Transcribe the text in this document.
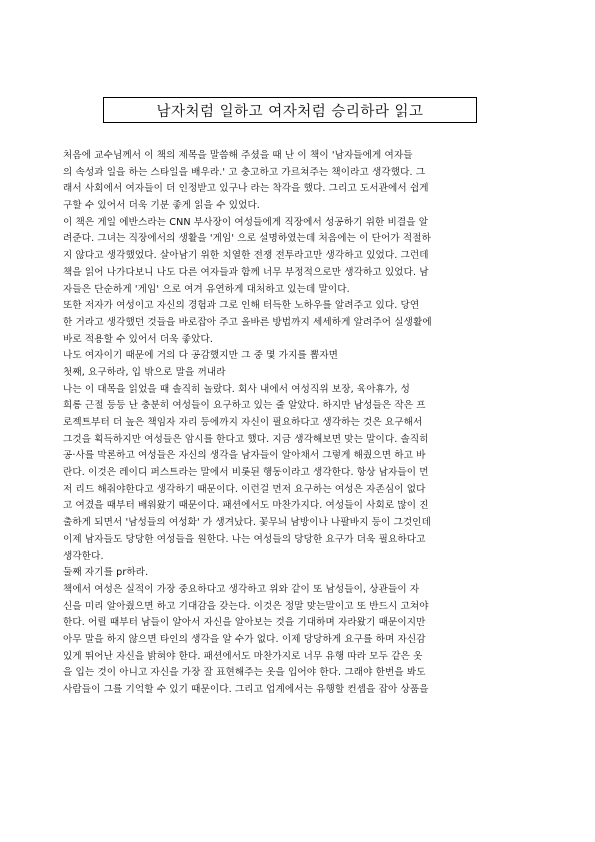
남자처럼 일하고 여자처럼 승리하라 읽고
처음에 교수님께서 이 책의 제목을 말씀해 주셨을 때 난 이 책이 '남자들에게 여자들
의 속성과 일을 하는 스타일을 배우라.' 고 충고하고 가르쳐주는 책이라고 생각했다. 그
래서 사회에서 여자들이 더 인정받고 있구나 라는 착각을 했다. 그리고 도서관에서 쉽게
구할 수 있어서 더욱 기분 좋게 읽을 수 있었다.
이 책은 게일 에반스라는 CNN 부사장이 여성들에게 직장에서 성공하기 위한 비결을 알
려준다. 그녀는 직장에서의 생활을 '게임' 으로 설명하였는데 처음에는 이 단어가 적절하
지 않다고 생각했었다. 살아남기 위한 치열한 전쟁 전투라고만 생각하고 있었다. 그런데
책을 읽어 나가다보니 나도 다른 여자들과 함께 너무 부정적으로만 생각하고 있었다. 남
자들은 단순하게 '게임' 으로 여겨 유연하게 대처하고 있는데 말이다.
또한 저자가 여성이고 자신의 경험과 그로 인해 터득한 노하우를 알려주고 있다. 당연
한 거라고 생각했던 것들을 바로잡아 주고 올바른 방법까지 세세하게 알려주어 실생활에
바로 적용할 수 있어서 더욱 좋았다.
나도 여자이기 때문에 거의 다 공감했지만 그 중 몇 가지를 뽑자면
첫째, 요구하라, 입 밖으로 말을 꺼내라
나는 이 대목을 읽었을 때 솔직히 놀랐다. 회사 내에서 여성직위 보장, 육아휴가, 성
희롱 근절 등등 난 충분히 여성들이 요구하고 있는 줄 알았다. 하지만 남성들은 작은 프
로젝트부터 더 높은 책임자 자리 등에까지 자신이 필요하다고 생각하는 것은 요구해서
그것을 획득하지만 여성들은 암시를 한다고 했다. 지금 생각해보면 맞는 말이다. 솔직히
공·사를 막론하고 여성들은 자신의 생각을 남자들이 알아채서 그렇게 해줬으면 하고 바
란다. 이것은 레이디 퍼스트라는 말에서 비롯된 행동이라고 생각한다. 항상 남자들이 먼
저 리드 해줘야한다고 생각하기 때문이다. 이런걸 먼저 요구하는 여성은 자존심이 없다
고 여겼을 때부터 배워왔기 때문이다. 패션에서도 마찬가지다. 여성들이 사회로 많이 진
출하게 되면서 '남성들의 여성화' 가 생겨났다. 꽃무늬 남방이나 나팔바지 등이 그것인데
이제 남자들도 당당한 여성들을 원한다. 나는 여성들의 당당한 요구가 더욱 필요하다고
생각한다.
둘째 자기를 pr하라.
책에서 여성은 실적이 가장 중요하다고 생각하고 위와 같이 또 남성들이, 상관들이 자
신을 미리 알아줬으면 하고 기대감을 갖는다. 이것은 정말 맞는말이고 또 반드시 고쳐야
한다. 어릴 때부터 남들이 알아서 자신을 알아보는 것을 기대하며 자라왔기 때문이지만
아무 말을 하지 않으면 타인의 생각을 알 수가 없다. 이제 당당하게 요구를 하며 자신감
있게 뛰어난 자신을 밝혀야 한다. 패션에서도 마찬가지로 너무 유행 따라 모두 같은 옷
을 입는 것이 아니고 자신을 가장 잘 표현해주는 옷을 입어야 한다. 그래야 한번을 봐도
사람들이 그를 기억할 수 있기 때문이다. 그리고 업계에서는 유행할 컨셉을 잡아 상품을
